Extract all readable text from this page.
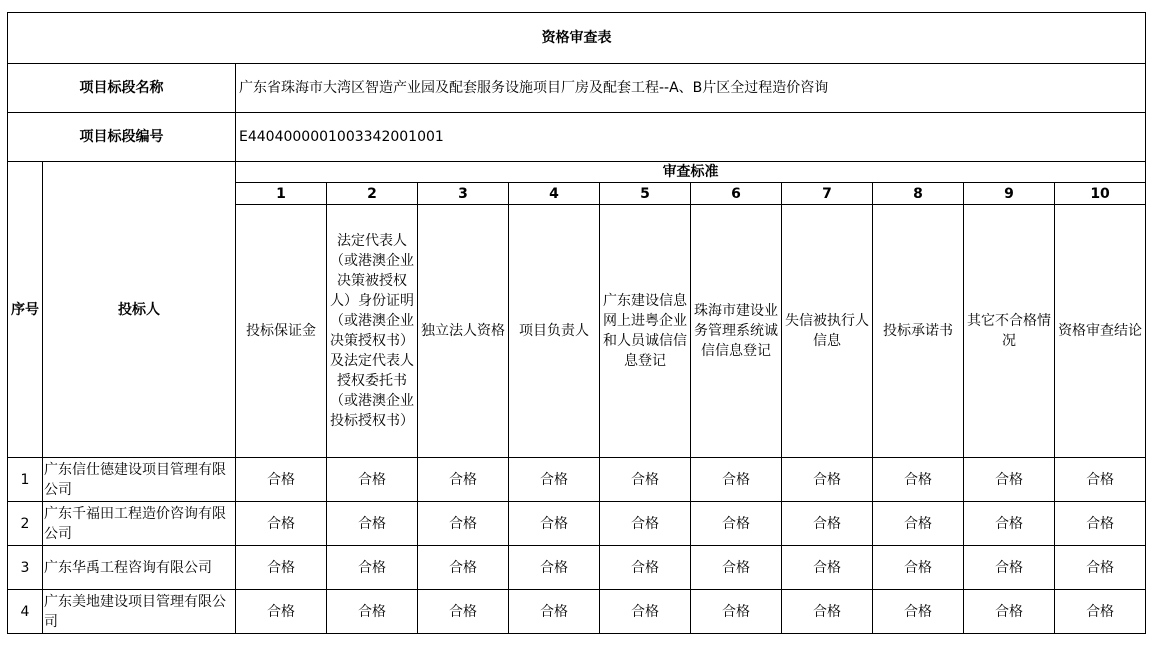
资格审查表											
项目标段名称		广东省珠海市大湾区智造产业园及配套服务设施项目厂房及配套工程--A、B片区全过程造价咨询									
项目标段编号		E4404000001003342001001									
序号	投标人	审查标准									
		1	2	3	4	5	6	7	8	9	10
		投标保证金	法定代表人（或港澳企业决策被授权人）身份证明（或港澳企业决策授权书）及法定代表人授权委托书（或港澳企业投标授权书）	独立法人资格	项目负责人	广东建设信息网上进粤企业和人员诚信信息登记	珠海市建设业务管理系统诚信信息登记	失信被执行人信息	投标承诺书	其它不合格情况	资格审查结论
1	广东信仕德建设项目管理有限公司	合格	合格	合格	合格	合格	合格	合格	合格	合格	合格
2	广东千福田工程造价咨询有限公司	合格	合格	合格	合格	合格	合格	合格	合格	合格	合格
3	广东华禹工程咨询有限公司	合格	合格	合格	合格	合格	合格	合格	合格	合格	合格
4	广东美地建设项目管理有限公司	合格	合格	合格	合格	合格	合格	合格	合格	合格	合格
